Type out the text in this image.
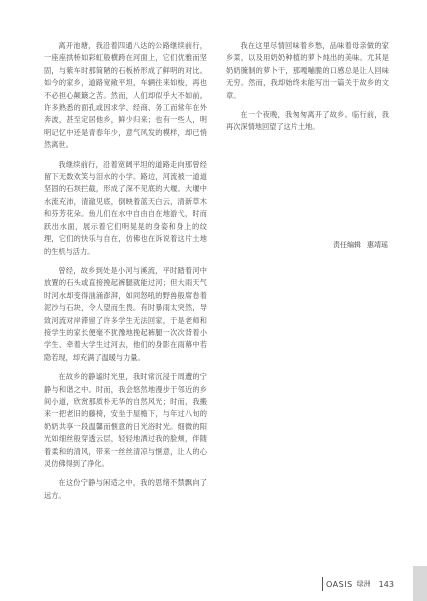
离开池塘，我沿着四通八达的公路继续前行，一座座拱桥如彩虹般横跨在河面上，它们优雅而坚固，与紫车时那简陋的石板桥形成了鲜明的对比。如今的家乡，道路宽敞平坦，车辆往来如梭，再也不必担心颠簸之苦。然而，人们却似乎大不如前。许多熟悉的面孔或因求学、经商、务工而常年在外奔波，甚至定居他乡，鲜少归来；也有一些人，明明记忆中还是青春年少，意气风发的模样，却已悄然离世。

我继续前行，沿着宽阔平坦的道路走向那曾经留下无数欢笑与泪水的小学。路边，河流被一道道坚固的石坝拦截，形成了深不见底的大堰。大堰中水流充沛，清澈见底，倒映着蓝天白云，清新草木和芬芳花朵。鱼儿们在水中自由自在地游弋，时而跃出水面，展示着它们明晃晃的身姿和身上的纹理，它们的快乐与自在，仿佛也在诉说着这片土地的生机与活力。

曾经，故乡到处是小河与溪流，平时踏着河中放置的石头或直接挽起裤腿就能过河；但大雨天气时河水却变得汹涌澎湃，如同怒吼的野兽般席卷着泥沙与石块，令人望而生畏。有时暴雨太突然，导致河流对岸滞留了许多学生无法回家，于是老师和接学生的家长便毫不犹豫地挽起裤腿一次次背着小学生、牵着大学生过河去，他们的身影在雨幕中若隐若现，却充满了温暖与力量。

在故乡的静谧时光里，我时常沉浸于周遭的宁静与和谐之中。时而，我会悠然地漫步于邻近的乡间小道，欣赏那质朴无华的自然风光；时而，我搬来一把老旧的藤椅，安坐于屋檐下，与年过八旬的奶奶共享一段温馨而惬意的日光浴时光。细微的阳光如细丝般穿透云层，轻轻地洒过我的脸颊，伴随着柔和的清风，带来一丝丝清凉与惬意，让人的心灵仿佛得到了净化。

在这份宁静与闲适之中，我的思绪不禁飘向了远方。

我在这里尽情回味着乡愁，品味着母亲做的家乡菜，以及用奶奶种植的萝卜炖出的美味。尤其是奶奶腌制的萝卜干，那嘎嘣脆的口感总是让人回味无穷。然而，我却始终未能写出一篇关于故乡的文章。

在一个夜晚，我匆匆离开了故乡。临行前，我再次深情地回望了这片土地。

责任编辑 惠靖瑶
OASIS 绿洲 143
